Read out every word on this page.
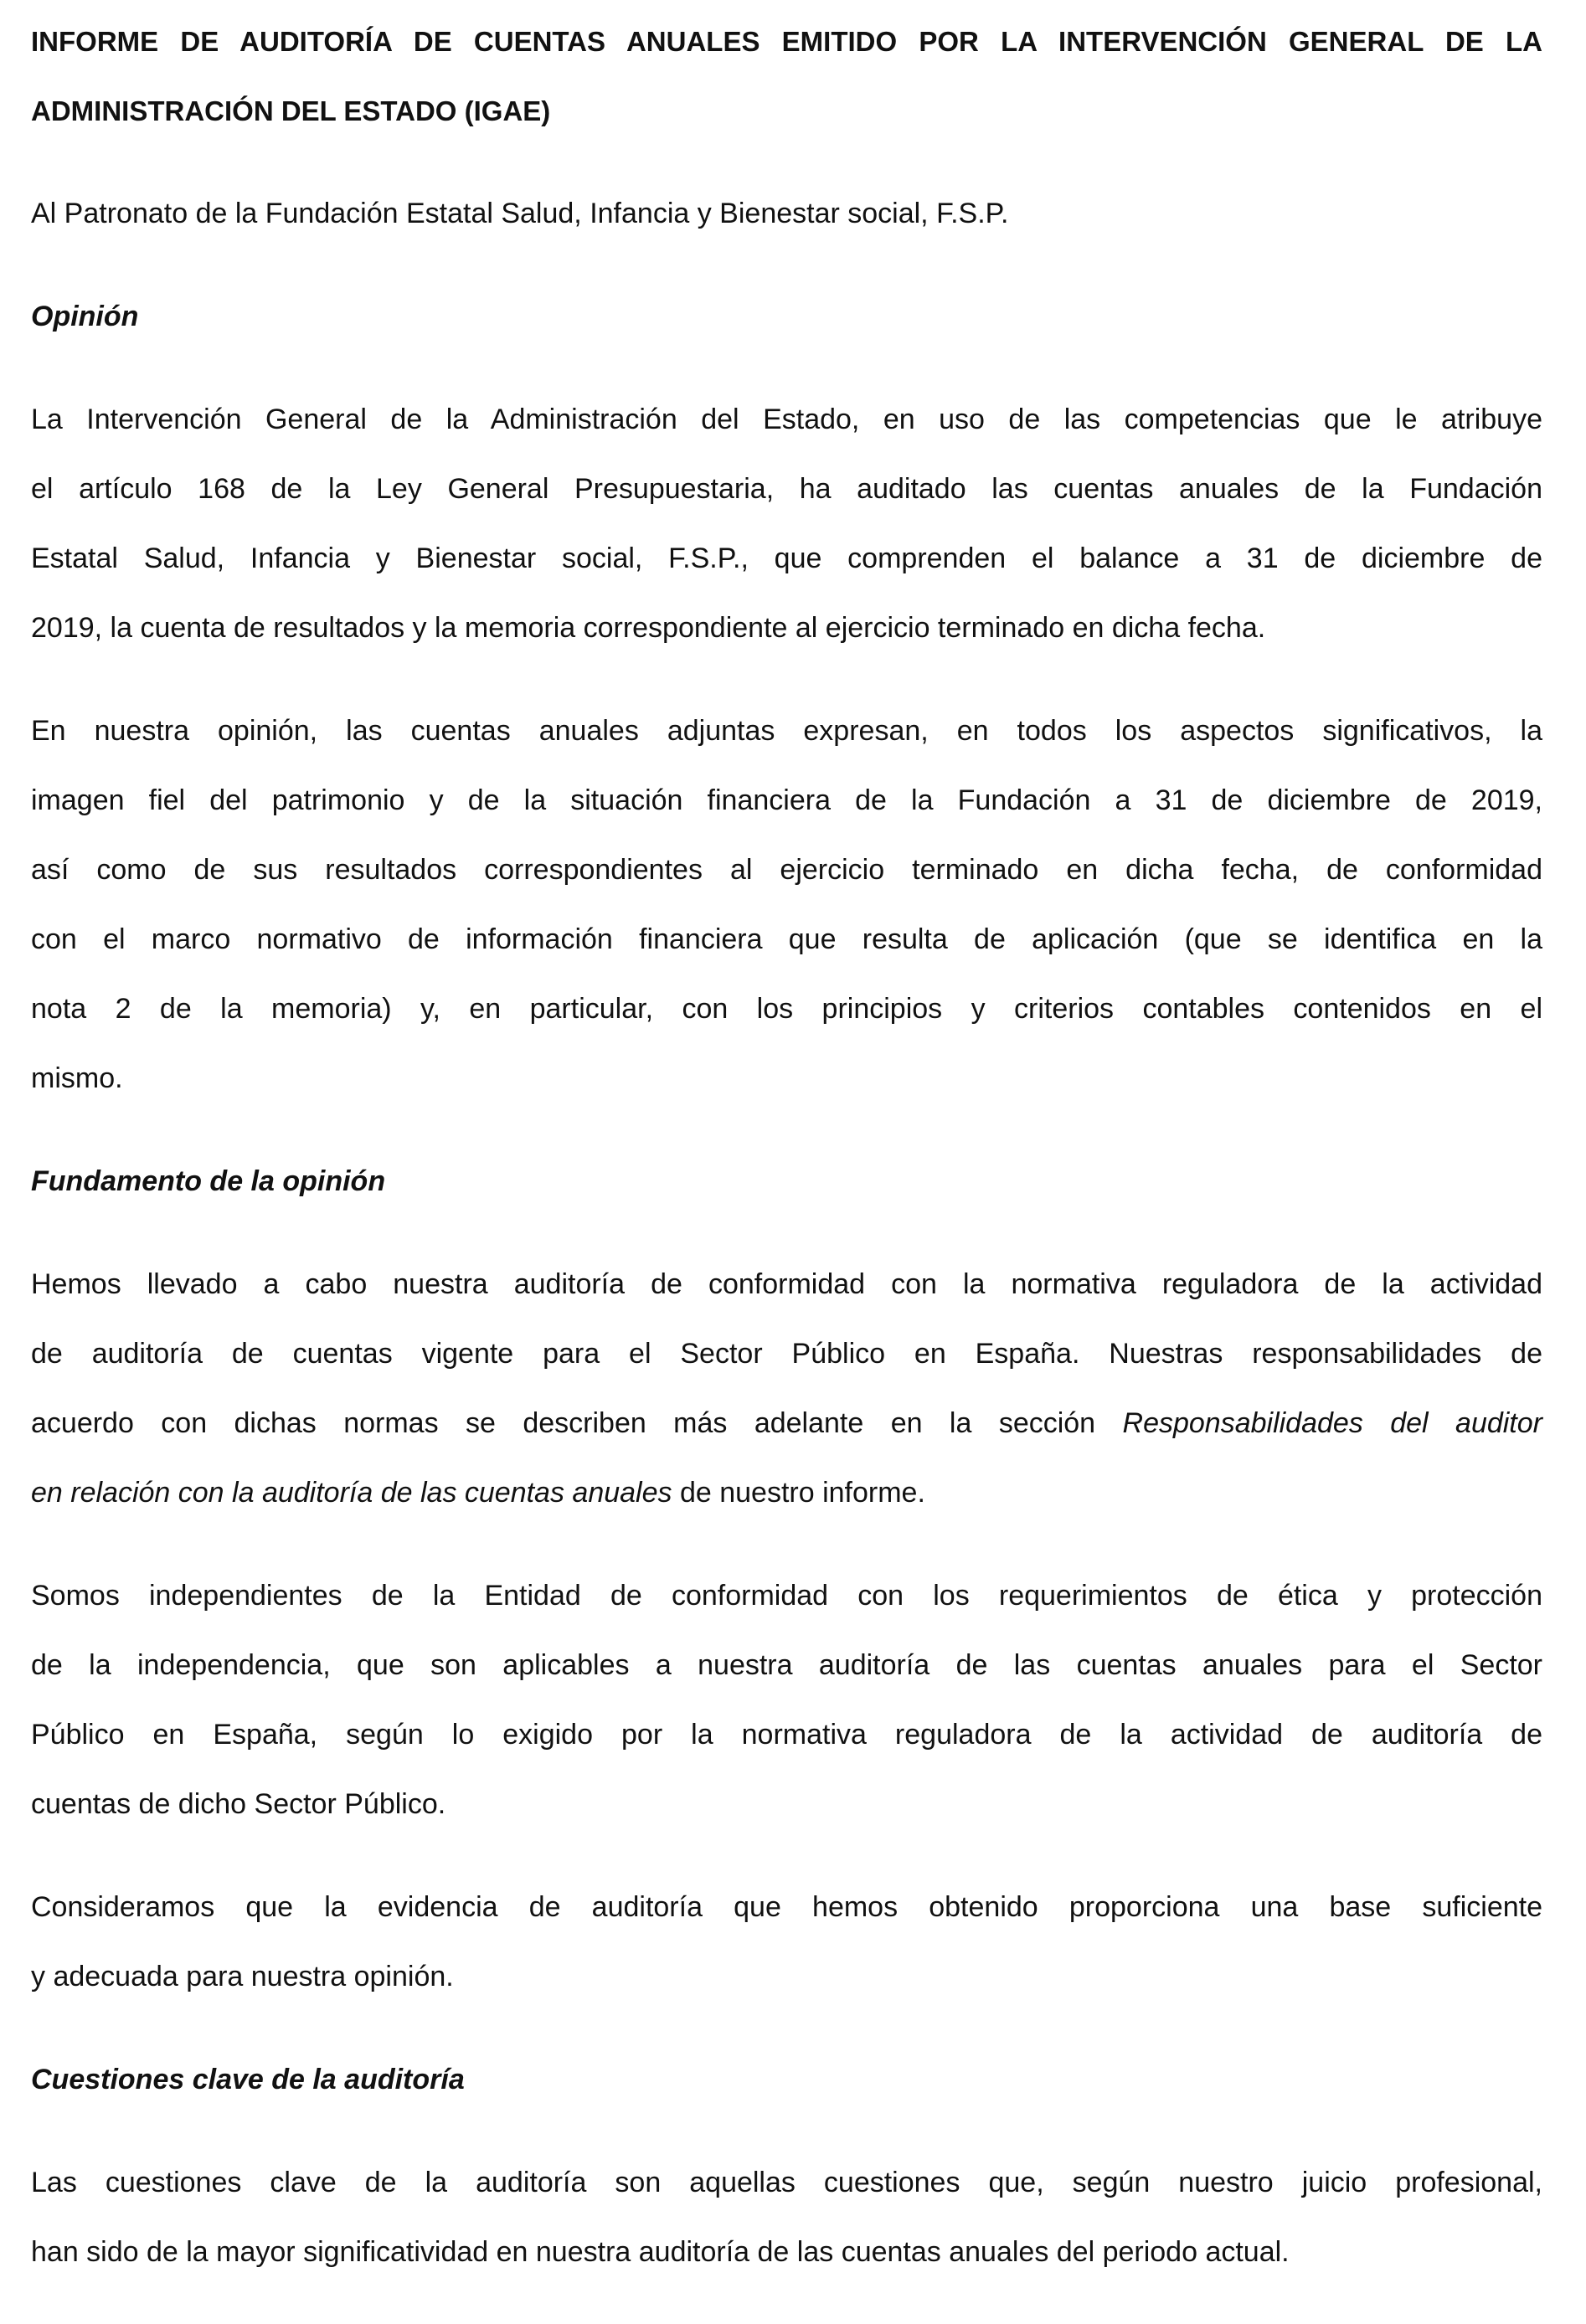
INFORME DE AUDITORÍA DE CUENTAS ANUALES EMITIDO POR LA INTERVENCIÓN GENERAL DE LA
ADMINISTRACIÓN DEL ESTADO (IGAE)
Al Patronato de la Fundación Estatal Salud, Infancia y Bienestar social, F.S.P.
Opinión
La Intervención General de la Administración del Estado, en uso de las competencias que le atribuye
el artículo 168 de la Ley General Presupuestaria, ha auditado las cuentas anuales de la Fundación
Estatal Salud, Infancia y Bienestar social, F.S.P., que comprenden el balance a 31 de diciembre de
2019, la cuenta de resultados y la memoria correspondiente al ejercicio terminado en dicha fecha.
En nuestra opinión, las cuentas anuales adjuntas expresan, en todos los aspectos significativos, la
imagen fiel del patrimonio y de la situación financiera de la Fundación a 31 de diciembre de 2019,
así como de sus resultados correspondientes al ejercicio terminado en dicha fecha, de conformidad
con el marco normativo de información financiera que resulta de aplicación (que se identifica en la
nota 2 de la memoria) y, en particular, con los principios y criterios contables contenidos en el
mismo.
Fundamento de la opinión
Hemos llevado a cabo nuestra auditoría de conformidad con la normativa reguladora de la actividad
de auditoría de cuentas vigente para el Sector Público en España. Nuestras responsabilidades de
acuerdo con dichas normas se describen más adelante en la sección Responsabilidades del auditor
en relación con la auditoría de las cuentas anuales de nuestro informe.
Somos independientes de la Entidad de conformidad con los requerimientos de ética y protección
de la independencia, que son aplicables a nuestra auditoría de las cuentas anuales para el Sector
Público en España, según lo exigido por la normativa reguladora de la actividad de auditoría de
cuentas de dicho Sector Público.
Consideramos que la evidencia de auditoría que hemos obtenido proporciona una base suficiente
y adecuada para nuestra opinión.
Cuestiones clave de la auditoría
Las cuestiones clave de la auditoría son aquellas cuestiones que, según nuestro juicio profesional,
han sido de la mayor significatividad en nuestra auditoría de las cuentas anuales del periodo actual.
